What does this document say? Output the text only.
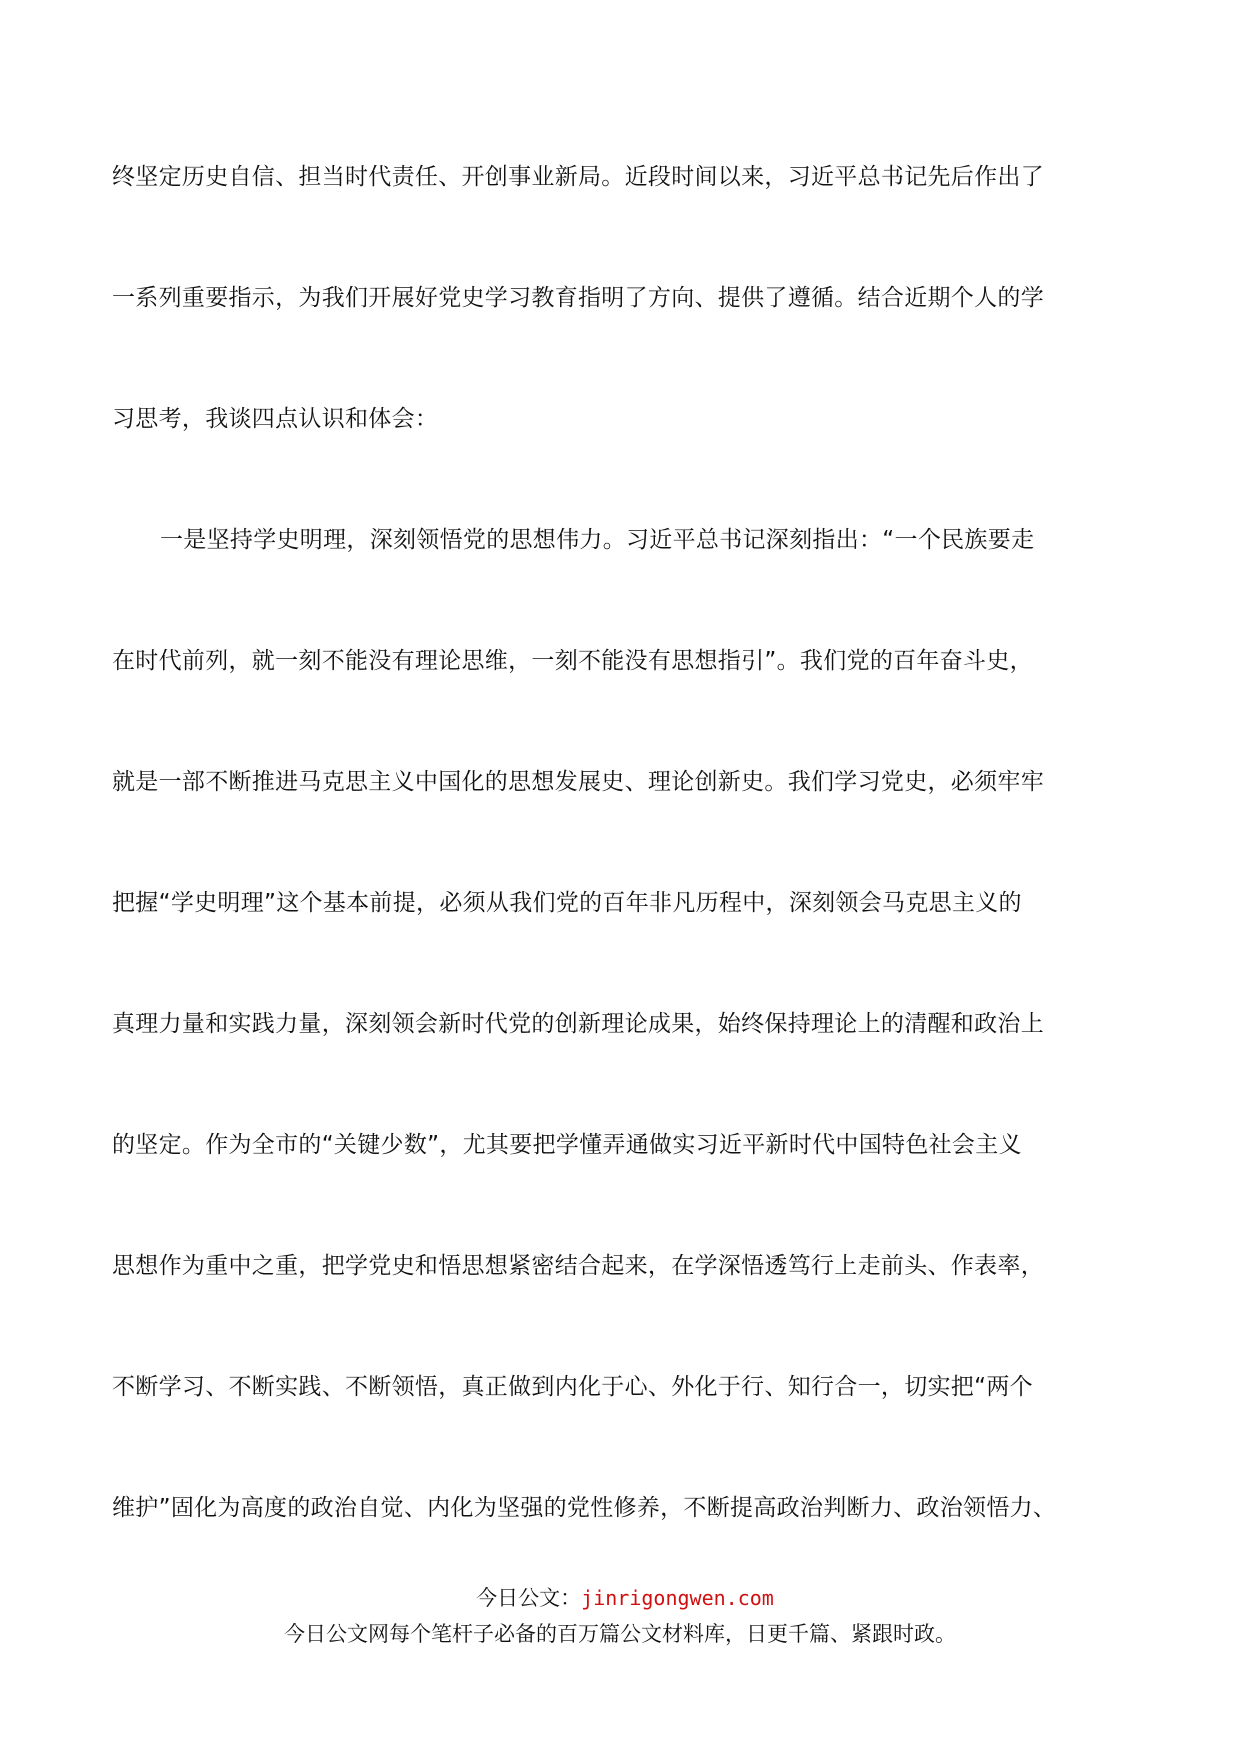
终坚定历史自信、担当时代责任、开创事业新局。近段时间以来，习近平总书记先后作出了
一系列重要指示，为我们开展好党史学习教育指明了方向、提供了遵循。结合近期个人的学
习思考，我谈四点认识和体会：
一是坚持学史明理，深刻领悟党的思想伟力。习近平总书记深刻指出：“一个民族要走
在时代前列，就一刻不能没有理论思维，一刻不能没有思想指引”。我们党的百年奋斗史，
就是一部不断推进马克思主义中国化的思想发展史、理论创新史。我们学习党史，必须牢牢
把握“学史明理”这个基本前提，必须从我们党的百年非凡历程中，深刻领会马克思主义的
真理力量和实践力量，深刻领会新时代党的创新理论成果，始终保持理论上的清醒和政治上
的坚定。作为全市的“关键少数”，尤其要把学懂弄通做实习近平新时代中国特色社会主义
思想作为重中之重，把学党史和悟思想紧密结合起来，在学深悟透笃行上走前头、作表率，
不断学习、不断实践、不断领悟，真正做到内化于心、外化于行、知行合一，切实把“两个
维护”固化为高度的政治自觉、内化为坚强的党性修养，不断提高政治判断力、政治领悟力、
今日公文：jinrigongwen.com
今日公文网每个笔杆子必备的百万篇公文材料库，日更千篇、紧跟时政。
